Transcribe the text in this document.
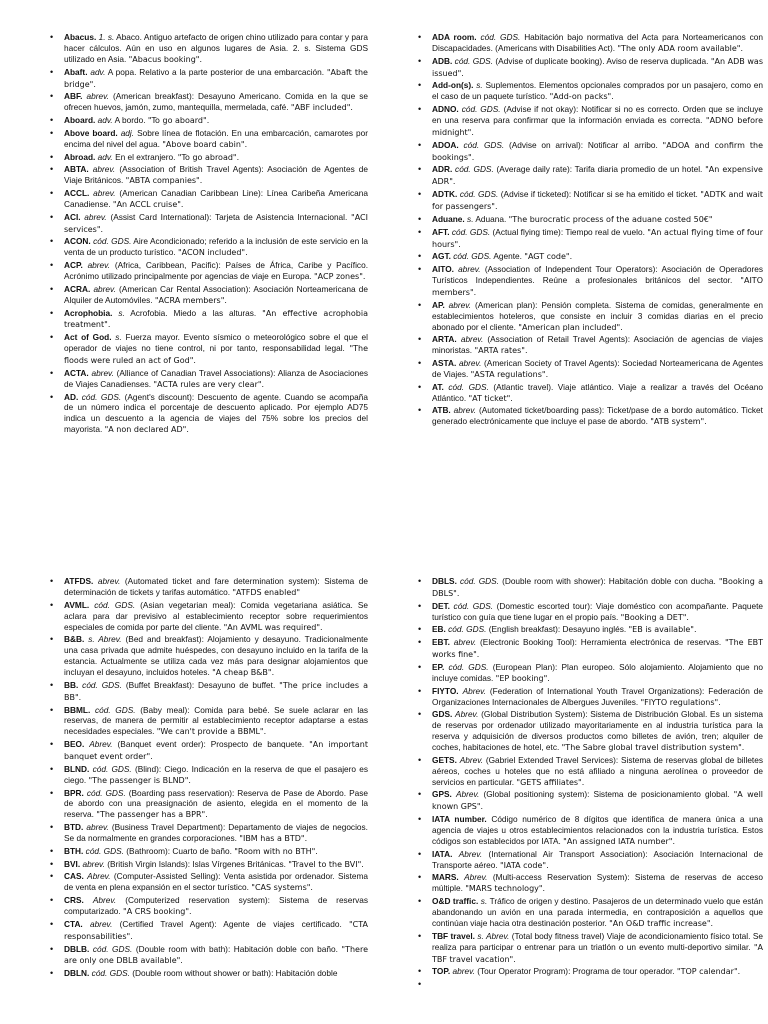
• Abacus. 1. s. Abaco. Antiguo artefacto de origen chino utilizado para contar y para hacer cálculos. Aún en uso en algunos lugares de Asia. 2. s. Sistema GDS utilizado en Asia. "Abacus booking".
• Abaft. adv. A popa. Relativo a la parte posterior de una embarcación. "Abaft the bridge".
• ABF. abrev. (American breakfast): Desayuno Americano. Comida en la que se ofrecen huevos, jamón, zumo, mantequilla, mermelada, café. "ABF included".
• Aboard. adv. A bordo. "To go aboard".
• Above board. adj. Sobre línea de flotación. En una embarcación, camarotes por encima del nivel del agua. "Above board cabin".
• Abroad. adv. En el extranjero. "To go abroad".
• ABTA. abrev. (Association of British Travel Agents): Asociación de Agentes de Viaje Británicos. "ABTA companies".
• ACCL. abrev. (American Canadian Caribbean Line): Línea Caribeña Americana Canadiense. "An ACCL cruise".
• ACI. abrev. (Assist Card International): Tarjeta de Asistencia Internacional. "ACI services".
• ACON. cód. GDS. Aire Acondicionado; referido a la inclusión de este servicio en la venta de un producto turístico. "ACON included".
• ACP. abrev. (Africa, Caribbean, Pacific): Países de África, Caribe y Pacífico. Acrónimo utilizado principalmente por agencias de viaje en Europa. "ACP zones".
• ACRA. abrev. (American Car Rental Association): Asociación Norteamericana de Alquiler de Automóviles. "ACRA members".
• Acrophobia. s. Acrofobia. Miedo a las alturas. "An effective acrophobia treatment".
• Act of God. s. Fuerza mayor. Evento sísmico o meteorológico sobre el que el operador de viajes no tiene control, ni por tanto, responsabilidad legal. "The floods were ruled an act of God".
• ACTA. abrev. (Alliance of Canadian Travel Associations): Alianza de Asociaciones de Viajes Canadienses. "ACTA rules are very clear".
• AD. cód. GDS. (Agent's discount): Descuento de agente. Cuando se acompaña de un número indica el porcentaje de descuento aplicado. Por ejemplo AD75 indica un descuento a la agencia de viajes del 75% sobre los precios del mayorista. "A non declared AD".
• ADA room. cód. GDS. Habitación bajo normativa del Acta para Norteamericanos con Discapacidades. (Americans with Disabilities Act). "The only ADA room available".
• ADB. cód. GDS. (Advise of duplicate booking). Aviso de reserva duplicada. "An ADB was issued".
• Add-on(s). s. Suplementos. Elementos opcionales comprados por un pasajero, como en el caso de un paquete turístico. "Add-on packs".
• ADNO. cód. GDS. (Advise if not okay): Notificar si no es correcto. Orden que se incluye en una reserva para confirmar que la información enviada es correcta. "ADNO before midnight".
• ADOA. cód. GDS. (Advise on arrival): Notificar al arribo. "ADOA and confirm the bookings".
• ADR. cód. GDS. (Average daily rate): Tarifa diaria promedio de un hotel. "An expensive ADR".
• ADTK. cód. GDS. (Advise if ticketed): Notificar si se ha emitido el ticket. "ADTK and wait for passengers".
• Aduane. s. Aduana. "The burocratic process of the aduane costed 50€"
• AFT. cód. GDS. (Actual flying time): Tiempo real de vuelo. "An actual flying time of four hours".
• AGT. cód. GDS. Agente. "AGT code".
• AITO. abrev. (Association of Independent Tour Operators): Asociación de Operadores Turísticos Independientes. Reúne a profesionales británicos del sector. "AITO members".
• AP. abrev. (American plan): Pensión completa. Sistema de comidas, generalmente en establecimientos hoteleros, que consiste en incluir 3 comidas diarias en el precio abonado por el cliente. "American plan included".
• ARTA. abrev. (Association of Retail Travel Agents): Asociación de agencias de viajes minoristas. "ARTA rates".
• ASTA. abrev. (American Society of Travel Agents): Sociedad Norteamericana de Agentes de Viajes. "ASTA regulations".
• AT. cód. GDS. (Atlantic travel). Viaje atlántico. Viaje a realizar a través del Océano Atlántico. "AT ticket".
• ATB. abrev. (Automated ticket/boarding pass): Ticket/pase de a bordo automático. Ticket generado electrónicamente que incluye el pase de abordo. "ATB system".
• ATFDS. abrev. (Automated ticket and fare determination system): Sistema de determinación de tickets y tarifas automático. "ATFDS enabled"
• AVML. cód. GDS. (Asian vegetarian meal): Comida vegetariana asiática. Se aclara para dar previsivo al establecimiento receptor sobre requerimientos especiales de comida por parte del cliente. "An AVML was required".
• B&B. s. Abrev. (Bed and breakfast): Alojamiento y desayuno. Tradicionalmente una casa privada que admite huéspedes, con desayuno incluido en la tarifa de la estancia. Actualmente se utiliza cada vez más para designar alojamientos que incluyan el desayuno, incluidos hoteles. "A cheap B&B".
• BB. cód. GDS. (Buffet Breakfast): Desayuno de buffet. "The price includes a BB".
• BBML. cód. GDS. (Baby meal): Comida para bebé. Se suele aclarar en las reservas, de manera de permitir al establecimiento receptor adaptarse a estas necesidades especiales. "We can't provide a BBML".
• BEO. Abrev. (Banquet event order): Prospecto de banquete. "An important banquet event order".
• BLND. cód. GDS. (Blind): Ciego. Indicación en la reserva de que el pasajero es ciego. "The passenger is BLND".
• BPR. cód. GDS. (Boarding pass reservation): Reserva de Pase de Abordo. Pase de abordo con una preasignación de asiento, elegida en el momento de la reserva. "The passenger has a BPR".
• BTD. abrev. (Business Travel Department): Departamento de viajes de negocios. Se da normalmente en grandes corporaciones. "IBM has a BTD".
• BTH. cód. GDS. (Bathroom): Cuarto de baño. "Room with no BTH".
• BVI. abrev. (British Virgin Islands): Islas Vírgenes Británicas. "Travel to the BVI".
• CAS. Abrev. (Computer-Assisted Selling): Venta asistida por ordenador. Sistema de venta en plena expansión en el sector turístico. "CAS systems".
• CRS. Abrev. (Computerized reservation system): Sistema de reservas computarizado. "A CRS booking".
• CTA. abrev. (Certified Travel Agent): Agente de viajes certificado. "CTA responsabilities".
• DBLB. cód. GDS. (Double room with bath): Habitación doble con baño. "There are only one DBLB available".
• DBLN. cód. GDS. (Double room without shower or bath): Habitación doble
• DBLS. cód. GDS. (Double room with shower): Habitación doble con ducha. "Booking a DBLS".
• DET. cód. GDS. (Domestic escorted tour): Viaje doméstico con acompañante. Paquete turístico con guía que tiene lugar en el propio país. "Booking a DET".
• EB. cód. GDS. (English breakfast): Desayuno inglés. "EB is available".
• EBT. abrev. (Electronic Booking Tool): Herramienta electrónica de reservas. "The EBT works fine".
• EP. cód. GDS. (European Plan): Plan europeo. Sólo alojamiento. Alojamiento que no incluye comidas. "EP booking".
• FIYTO. Abrev. (Federation of International Youth Travel Organizations): Federación de Organizaciones Internacionales de Albergues Juveniles. "FIYTO regulations".
• GDS. Abrev. (Global Distribution System): Sistema de Distribución Global. Es un sistema de reservas por ordenador utilizado mayoritariamente en al industria turística para la reserva y adquisición de diversos productos como billetes de avión, tren; alquiler de coches, habitaciones de hotel, etc. "The Sabre global travel distribution system".
• GETS. Abrev. (Gabriel Extended Travel Services): Sistema de reservas global de billetes aéreos, coches u hoteles que no está afiliado a ninguna aerolínea o proveedor de servicios en particular. "GETS affiliates".
• GPS. Abrev. (Global positioning system): Sistema de posicionamiento global. "A well known GPS".
• IATA number. Código numérico de 8 dígitos que identifica de manera única a una agencia de viajes u otros establecimientos relacionados con la industria turística. Estos códigos son establecidos por IATA. "An assigned IATA number".
• IATA. Abrev. (International Air Transport Association): Asociación Internacional de Transporte aéreo. "IATA code".
• MARS. Abrev. (Multi-access Reservation System): Sistema de reservas de acceso múltiple. "MARS technology".
• O&D traffic. s. Tráfico de origen y destino. Pasajeros de un determinado vuelo que están abandonando un avión en una parada intermedia, en contraposición a aquellos que continúan viaje hacia otra destinación posterior. "An O&D traffic increase".
• TBF travel. s. Abrev. (Total body fitness travel) Viaje de acondicionamiento físico total. Se realiza para participar o entrenar para un triatlón o un evento multi-deportivo similar. "A TBF travel vacation".
• TOP. abrev. (Tour Operator Program): Programa de tour operador. "TOP calendar".
•
